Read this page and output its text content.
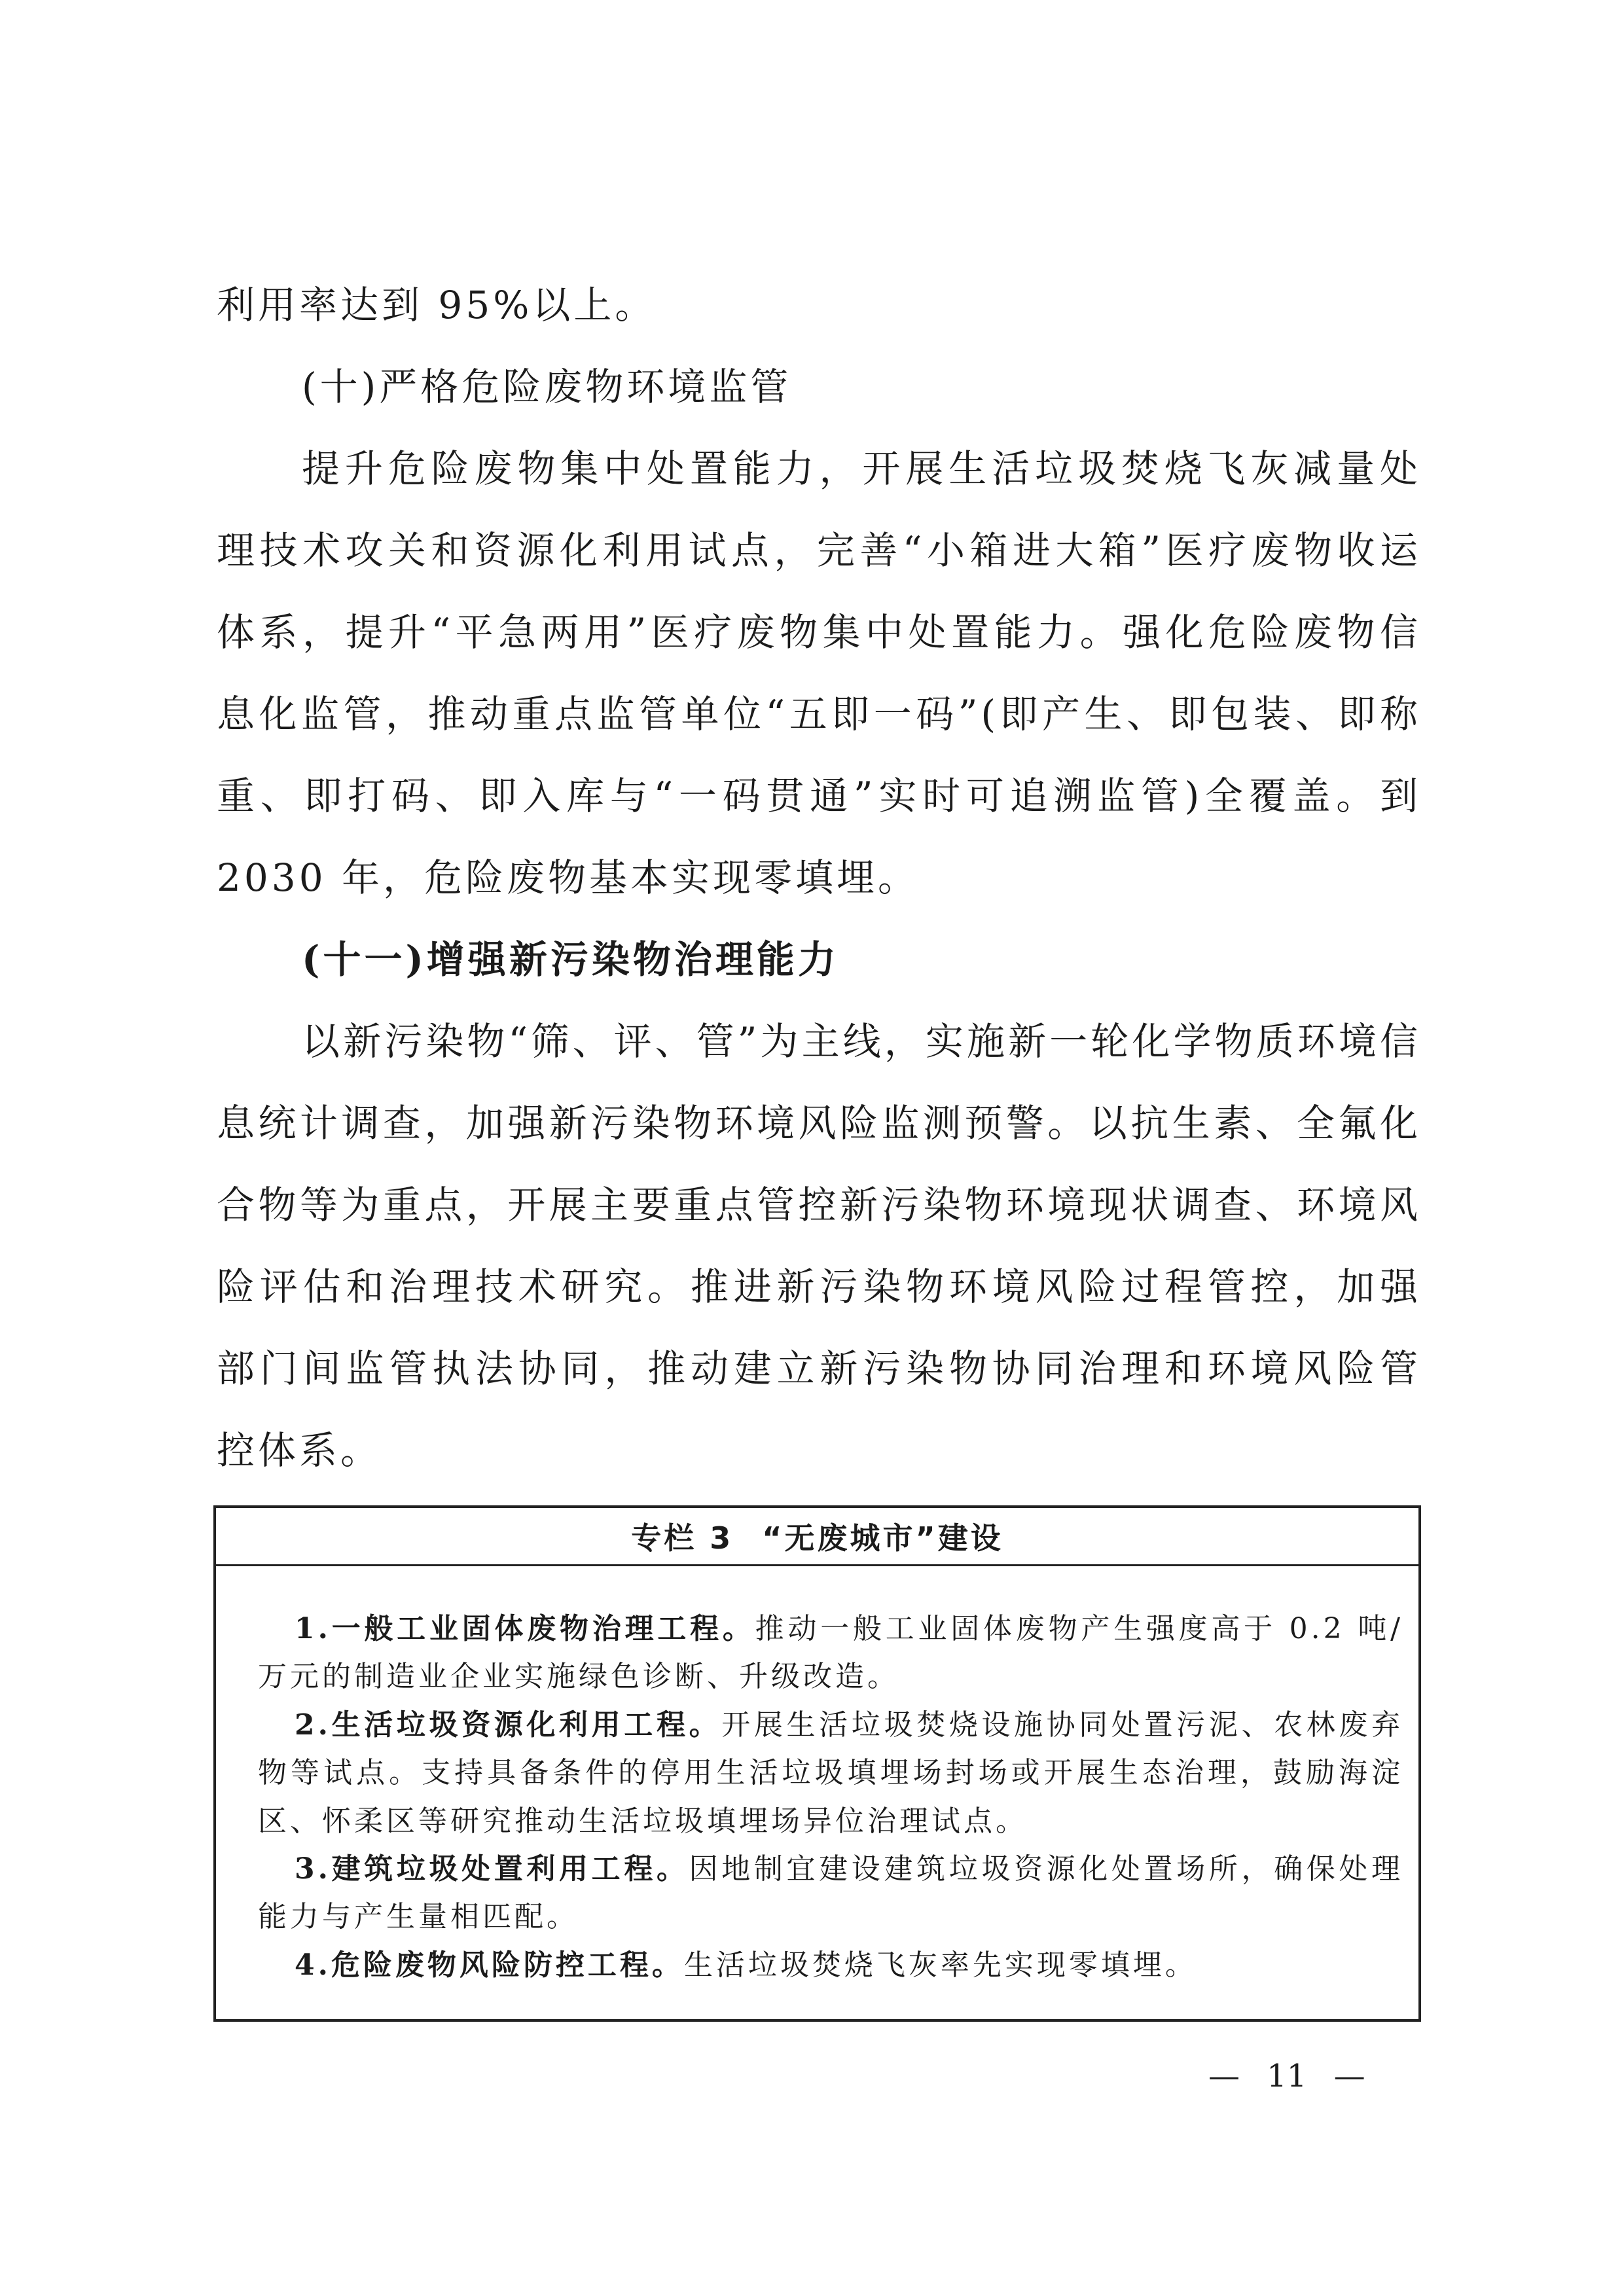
利用率达到 95%以上。
(十)严格危险废物环境监管
提升危险废物集中处置能力，开展生活垃圾焚烧飞灰减量处
理技术攻关和资源化利用试点，完善“小箱进大箱”医疗废物收运
体系，提升“平急两用”医疗废物集中处置能力。强化危险废物信
息化监管，推动重点监管单位“五即一码”(即产生、即包装、即称
重、即打码、即入库与“一码贯通”实时可追溯监管)全覆盖。到
2030 年，危险废物基本实现零填埋。
(十一)增强新污染物治理能力
以新污染物“筛、评、管”为主线，实施新一轮化学物质环境信
息统计调查，加强新污染物环境风险监测预警。以抗生素、全氟化
合物等为重点，开展主要重点管控新污染物环境现状调查、环境风
险评估和治理技术研究。推进新污染物环境风险过程管控，加强
部门间监管执法协同，推动建立新污染物协同治理和环境风险管
控体系。
专栏 3 “无废城市”建设
1.一般工业固体废物治理工程。推动一般工业固体废物产生强度高于 0.2 吨/
万元的制造业企业实施绿色诊断、升级改造。
2.生活垃圾资源化利用工程。开展生活垃圾焚烧设施协同处置污泥、农林废弃
物等试点。支持具备条件的停用生活垃圾填埋场封场或开展生态治理，鼓励海淀
区、怀柔区等研究推动生活垃圾填埋场异位治理试点。
3.建筑垃圾处置利用工程。因地制宜建设建筑垃圾资源化处置场所，确保处理
能力与产生量相匹配。
4.危险废物风险防控工程。生活垃圾焚烧飞灰率先实现零填埋。
— 11 —
